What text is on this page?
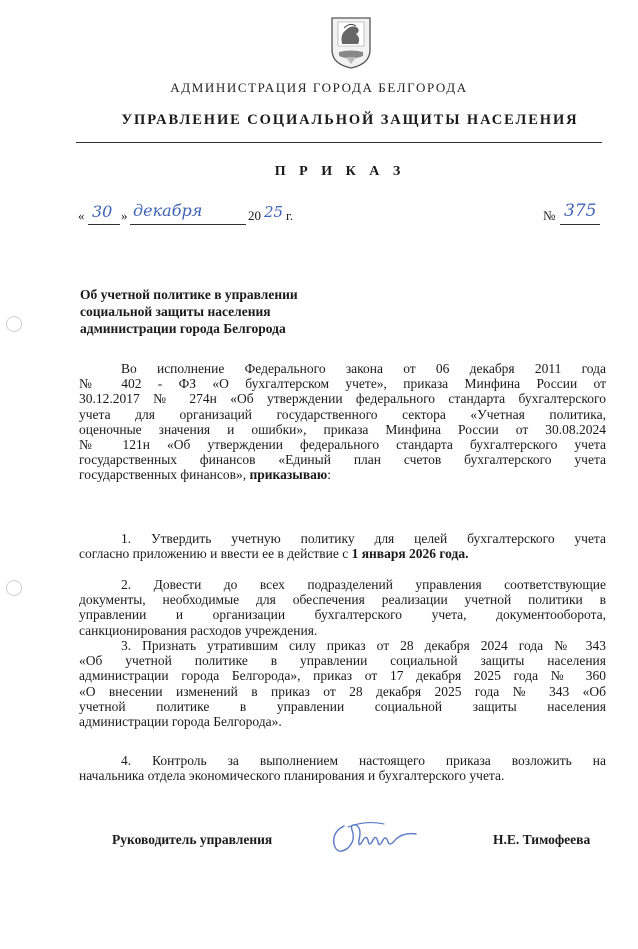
АДМИНИСТРАЦИЯ ГОРОДА БЕЛГОРОДА
УПРАВЛЕНИЕ СОЦИАЛЬНОЙ ЗАЩИТЫ НАСЕЛЕНИЯ
П Р И К А З
« 30 » декабря	20 25 г.	№ 375
Об учетной политике в управлении
социальной защиты населения
администрации города Белгорода
Во исполнение Федерального закона от 06 декабря 2011 года
№ 402 - ФЗ «О бухгалтерском учете», приказа Минфина России от
30.12.2017 № 274н «Об утверждении федерального стандарта бухгалтерского
учета для организаций государственного сектора «Учетная политика,
оценочные значения и ошибки», приказа Минфина России от 30.08.2024
№ 121н «Об утверждении федерального стандарта бухгалтерского учета
государственных финансов «Единый план счетов бухгалтерского учета
государственных финансов», приказываю:
1. Утвердить учетную политику для целей бухгалтерского учета
согласно приложению и ввести ее в действие с 1 января 2026 года.
2. Довести до всех подразделений управления соответствующие
документы, необходимые для обеспечения реализации учетной политики в
управлении и организации бухгалтерского учета, документооборота,
санкционирования расходов учреждения.
3. Признать утратившим силу приказ от 28 декабря 2024 года № 343
«Об учетной политике в управлении социальной защиты населения
администрации города Белгорода», приказ от 17 декабря 2025 года № 360
«О внесении изменений в приказ от 28 декабря 2025 года № 343 «Об
учетной политике в управлении социальной защиты населения
администрации города Белгорода».
4. Контроль за выполнением настоящего приказа возложить на
начальника отдела экономического планирования и бухгалтерского учета.
Руководитель управления	Н.Е. Тимофеева
